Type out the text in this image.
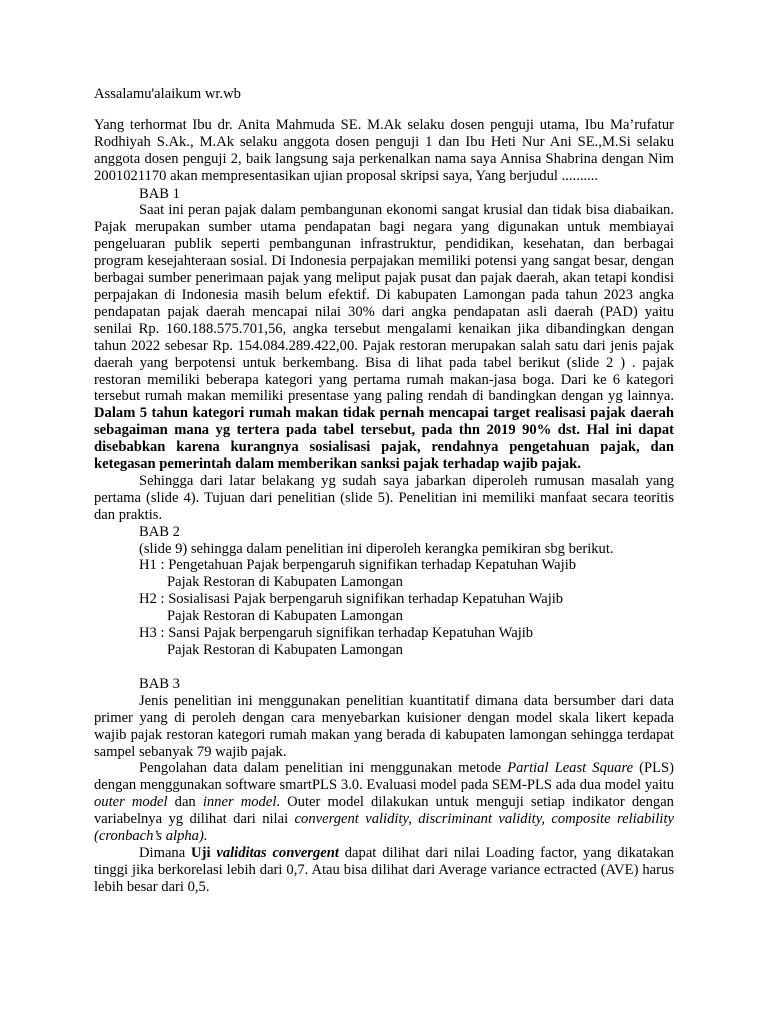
Assalamu'alaikum wr.wb

Yang terhormat Ibu dr. Anita Mahmuda SE. M.Ak selaku dosen penguji utama, Ibu Ma’rufatur Rodhiyah S.Ak., M.Ak selaku anggota dosen penguji 1 dan Ibu Heti Nur Ani SE.,M.Si selaku anggota dosen penguji 2, baik langsung saja perkenalkan nama saya Annisa Shabrina dengan Nim 2001021170 akan mempresentasikan ujian proposal skripsi saya, Yang berjudul ..........

BAB 1

Saat ini peran pajak dalam pembangunan ekonomi sangat krusial dan tidak bisa diabaikan. Pajak merupakan sumber utama pendapatan bagi negara yang digunakan untuk membiayai pengeluaran publik seperti pembangunan infrastruktur, pendidikan, kesehatan, dan berbagai program kesejahteraan sosial. Di Indonesia perpajakan memiliki potensi yang sangat besar, dengan berbagai sumber penerimaan pajak yang meliput pajak pusat dan pajak daerah, akan tetapi kondisi perpajakan di Indonesia masih belum efektif. Di kabupaten Lamongan pada tahun 2023 angka pendapatan pajak daerah mencapai nilai 30% dari angka pendapatan asli daerah (PAD) yaitu senilai Rp. 160.188.575.701,56, angka tersebut mengalami kenaikan jika dibandingkan dengan tahun 2022 sebesar Rp. 154.084.289.422,00. Pajak restoran merupakan salah satu dari jenis pajak daerah yang berpotensi untuk berkembang. Bisa di lihat pada tabel berikut (slide 2 ) . pajak restoran memiliki beberapa kategori yang pertama rumah makan-jasa boga. Dari ke 6 kategori tersebut rumah makan memiliki presentase yang paling rendah di bandingkan dengan yg lainnya. Dalam 5 tahun kategori rumah makan tidak pernah mencapai target realisasi pajak daerah sebagaiman mana yg tertera pada tabel tersebut, pada thn 2019 90% dst. Hal ini dapat disebabkan karena kurangnya sosialisasi pajak, rendahnya pengetahuan pajak, dan ketegasan pemerintah dalam memberikan sanksi pajak terhadap wajib pajak.

Sehingga dari latar belakang yg sudah saya jabarkan diperoleh rumusan masalah yang pertama (slide 4). Tujuan dari penelitian (slide 5). Penelitian ini memiliki manfaat secara teoritis dan praktis.

BAB 2

(slide 9) sehingga dalam penelitian ini diperoleh kerangka pemikiran sbg berikut.

H1 : Pengetahuan Pajak berpengaruh signifikan terhadap Kepatuhan Wajib
Pajak Restoran di Kabupaten Lamongan

H2 : Sosialisasi Pajak berpengaruh signifikan terhadap Kepatuhan Wajib
Pajak Restoran di Kabupaten Lamongan

H3 : Sansi Pajak berpengaruh signifikan terhadap Kepatuhan Wajib
Pajak Restoran di Kabupaten Lamongan

BAB 3

Jenis penelitian ini menggunakan penelitian kuantitatif dimana data bersumber dari data primer yang di peroleh dengan cara menyebarkan kuisioner dengan model skala likert kepada wajib pajak restoran kategori rumah makan yang berada di kabupaten lamongan sehingga terdapat sampel sebanyak 79 wajib pajak.

Pengolahan data dalam penelitian ini menggunakan metode Partial Least Square (PLS) dengan menggunakan software smartPLS 3.0. Evaluasi model pada SEM-PLS ada dua model yaitu outer model dan inner model. Outer model dilakukan untuk menguji setiap indikator dengan variabelnya yg dilihat dari nilai convergent validity, discriminant validity, composite reliability (cronbach’s alpha).

Dimana Uji validitas convergent dapat dilihat dari nilai Loading factor, yang dikatakan tinggi jika berkorelasi lebih dari 0,7. Atau bisa dilihat dari Average variance ectracted (AVE) harus lebih besar dari 0,5.
